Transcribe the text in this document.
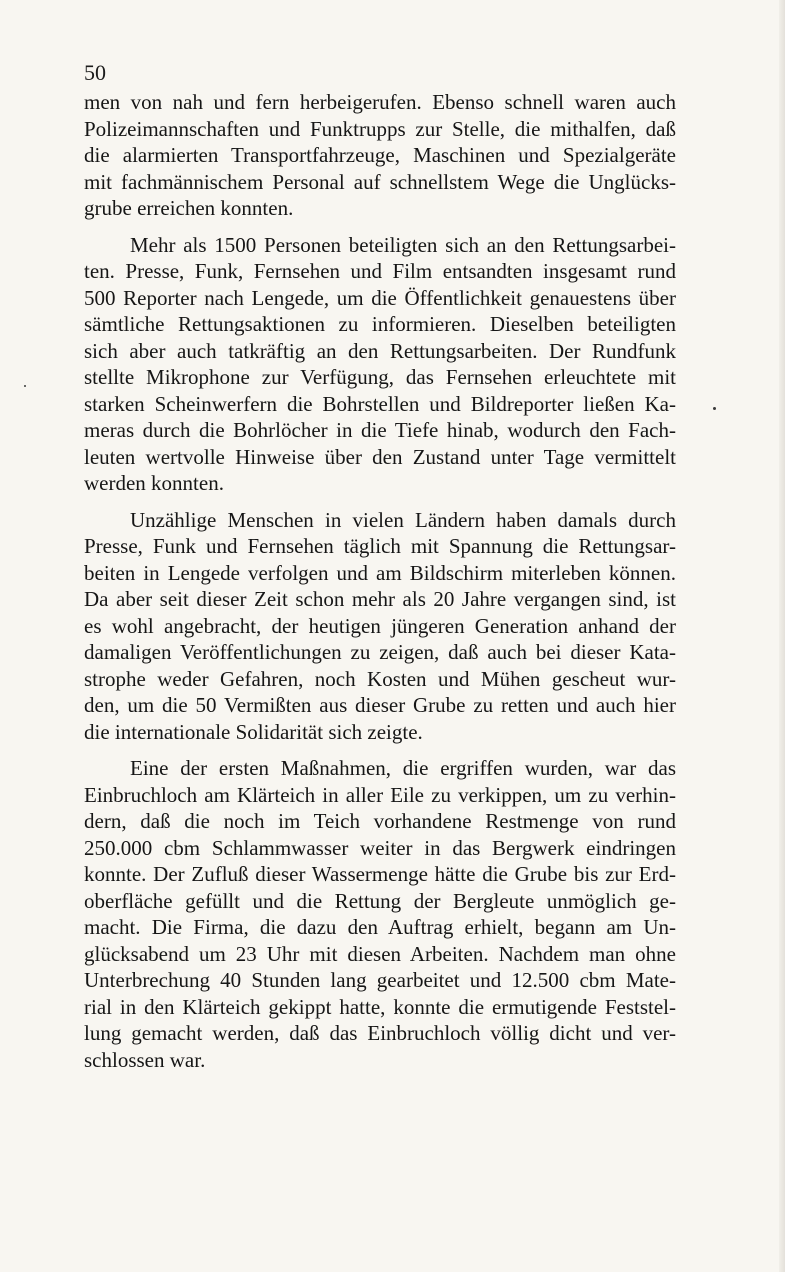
50
men von nah und fern herbeigerufen. Ebenso schnell waren auch
Polizeimannschaften und Funktrupps zur Stelle, die mithalfen, daß
die alarmierten Transportfahrzeuge, Maschinen und Spezialgeräte
mit fachmännischem Personal auf schnellstem Wege die Unglücks-
grube erreichen konnten.
Mehr als 1500 Personen beteiligten sich an den Rettungsarbei-
ten. Presse, Funk, Fernsehen und Film entsandten insgesamt rund
500 Reporter nach Lengede, um die Öffentlichkeit genauestens über
sämtliche Rettungsaktionen zu informieren. Dieselben beteiligten
sich aber auch tatkräftig an den Rettungsarbeiten. Der Rundfunk
stellte Mikrophone zur Verfügung, das Fernsehen erleuchtete mit
starken Scheinwerfern die Bohrstellen und Bildreporter ließen Ka-
meras durch die Bohrlöcher in die Tiefe hinab, wodurch den Fach-
leuten wertvolle Hinweise über den Zustand unter Tage vermittelt
werden konnten.
Unzählige Menschen in vielen Ländern haben damals durch
Presse, Funk und Fernsehen täglich mit Spannung die Rettungsar-
beiten in Lengede verfolgen und am Bildschirm miterleben können.
Da aber seit dieser Zeit schon mehr als 20 Jahre vergangen sind, ist
es wohl angebracht, der heutigen jüngeren Generation anhand der
damaligen Veröffentlichungen zu zeigen, daß auch bei dieser Kata-
strophe weder Gefahren, noch Kosten und Mühen gescheut wur-
den, um die 50 Vermißten aus dieser Grube zu retten und auch hier
die internationale Solidarität sich zeigte.
Eine der ersten Maßnahmen, die ergriffen wurden, war das
Einbruchloch am Klärteich in aller Eile zu verkippen, um zu verhin-
dern, daß die noch im Teich vorhandene Restmenge von rund
250.000 cbm Schlammwasser weiter in das Bergwerk eindringen
konnte. Der Zufluß dieser Wassermenge hätte die Grube bis zur Erd-
oberfläche gefüllt und die Rettung der Bergleute unmöglich ge-
macht. Die Firma, die dazu den Auftrag erhielt, begann am Un-
glücksabend um 23 Uhr mit diesen Arbeiten. Nachdem man ohne
Unterbrechung 40 Stunden lang gearbeitet und 12.500 cbm Mate-
rial in den Klärteich gekippt hatte, konnte die ermutigende Feststel-
lung gemacht werden, daß das Einbruchloch völlig dicht und ver-
schlossen war.
